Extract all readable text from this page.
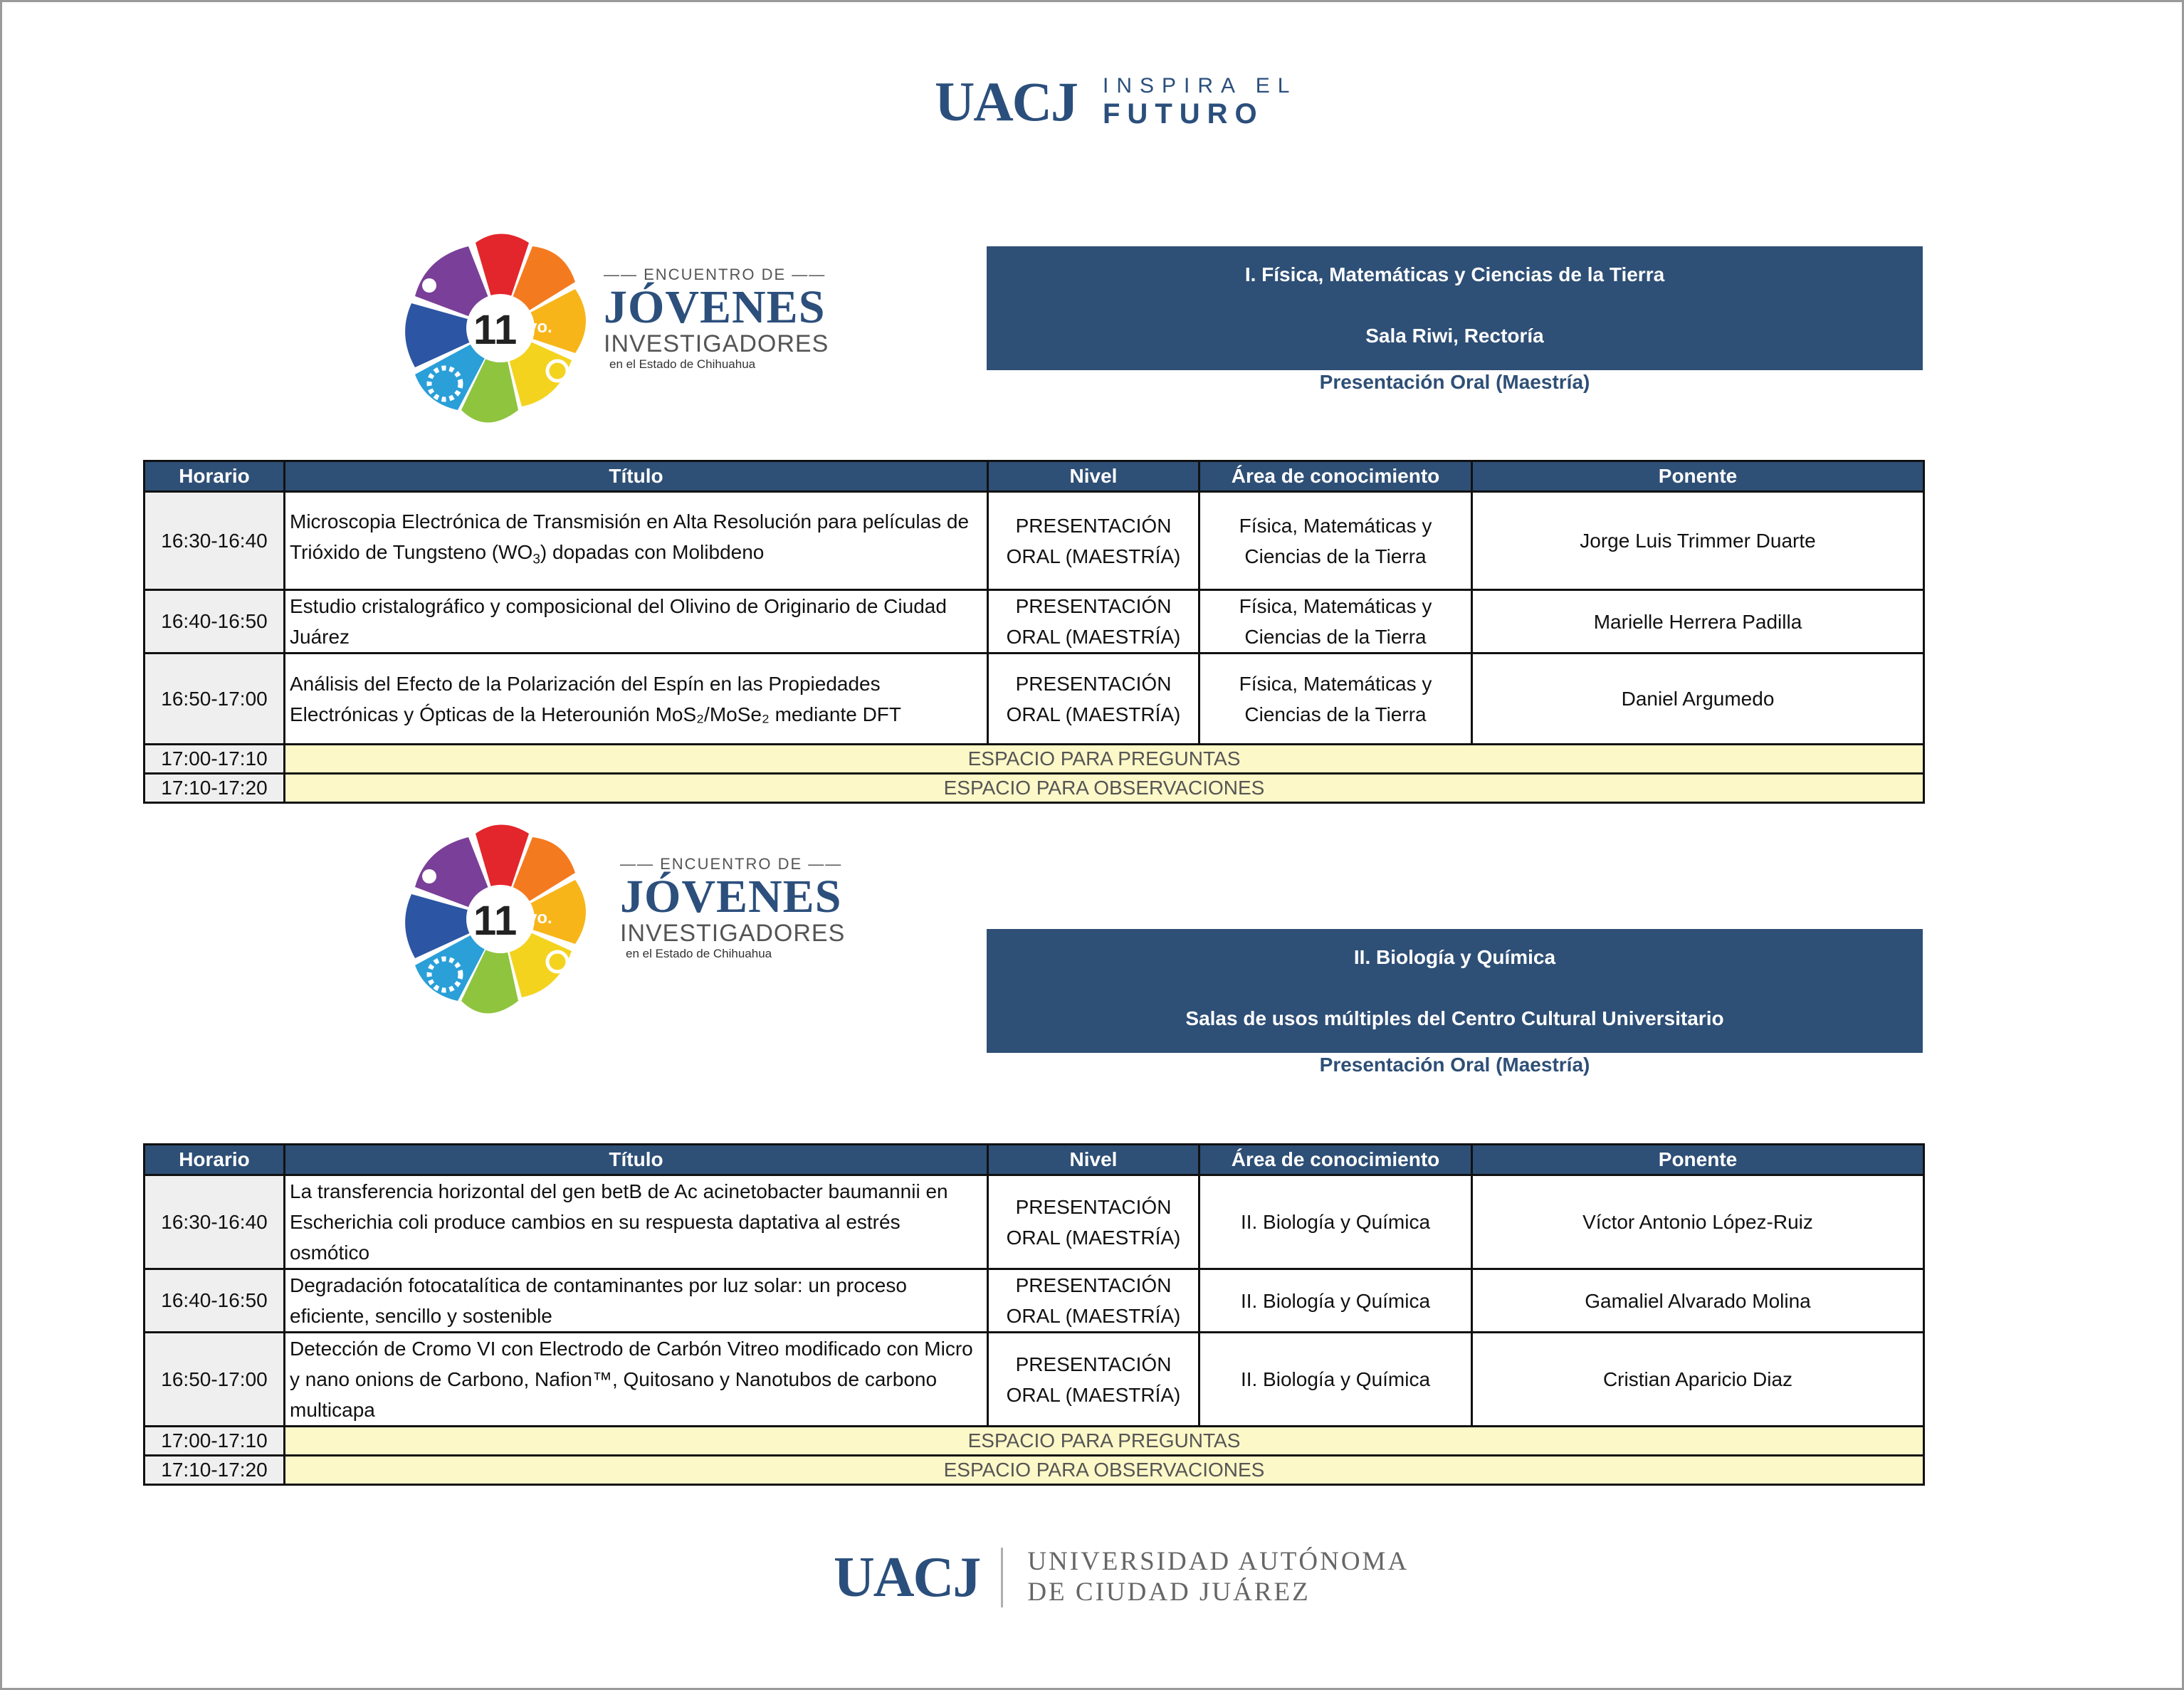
UACJ INSPIRA EL
FUTURO
11 vo.
—— ENCUENTRO DE ——
JÓVENES
INVESTIGADORES
en el Estado de Chihuahua
I. Física, Matemáticas y Ciencias de la Tierra
Sala Riwi, Rectoría
Presentación Oral (Maestría)
Horario	Título	Nivel	Área de conocimiento	Ponente
16:30-16:40	Microscopia Electrónica de Transmisión en Alta Resolución para películas de Trióxido de Tungsteno $(WO_3)$ dopadas con Molibdeno	PRESENTACIÓN ORAL (MAESTRÍA)	Física, Matemáticas y Ciencias de la Tierra	Jorge Luis Trimmer Duarte
16:40-16:50	Estudio cristalográfico y composicional del Olivino de Originario de Ciudad Juárez	PRESENTACIÓN ORAL (MAESTRÍA)	Física, Matemáticas y Ciencias de la Tierra	Marielle Herrera Padilla
16:50-17:00	Análisis del Efecto de la Polarización del Espín en las Propiedades Electrónicas y Ópticas de la Heterounión MoS₂/MoSe₂ mediante DFT	PRESENTACIÓN ORAL (MAESTRÍA)	Física, Matemáticas y Ciencias de la Tierra	Daniel Argumedo
17:00-17:10	ESPACIO PARA PREGUNTAS			
17:10-17:20	ESPACIO PARA OBSERVACIONES			
11 vo.
—— ENCUENTRO DE ——
JÓVENES
INVESTIGADORES
en el Estado de Chihuahua	II. Biología y Química
Salas de usos múltiples del Centro Cultural Universitario
Presentación Oral (Maestría)
Horario	Título	Nivel	Área de conocimiento	Ponente
16:30-16:40	La transferencia horizontal del gen betB de Ac acinetobacter baumannii en Escherichia coli produce cambios en su respuesta daptativa al estrés osmótico	PRESENTACIÓN ORAL (MAESTRÍA)	II. Biología y Química	Víctor Antonio López-Ruiz
16:40-16:50	Degradación fotocatalítica de contaminantes por luz solar: un proceso eficiente, sencillo y sostenible	PRESENTACIÓN ORAL (MAESTRÍA)	II. Biología y Química	Gamaliel Alvarado Molina
16:50-17:00	Detección de Cromo VI con Electrodo de Carbón Vitreo modificado con Micro y nano onions de Carbono, Nafion™, Quitosano y Nanotubos de carbono multicapa	PRESENTACIÓN ORAL (MAESTRÍA)	II. Biología y Química	Cristian Aparicio Diaz
17:00-17:10	ESPACIO PARA PREGUNTAS			
17:10-17:20	ESPACIO PARA OBSERVACIONES			
UACJ UNIVERSIDAD AUTÓNOMA
DE CIUDAD JUÁREZ
